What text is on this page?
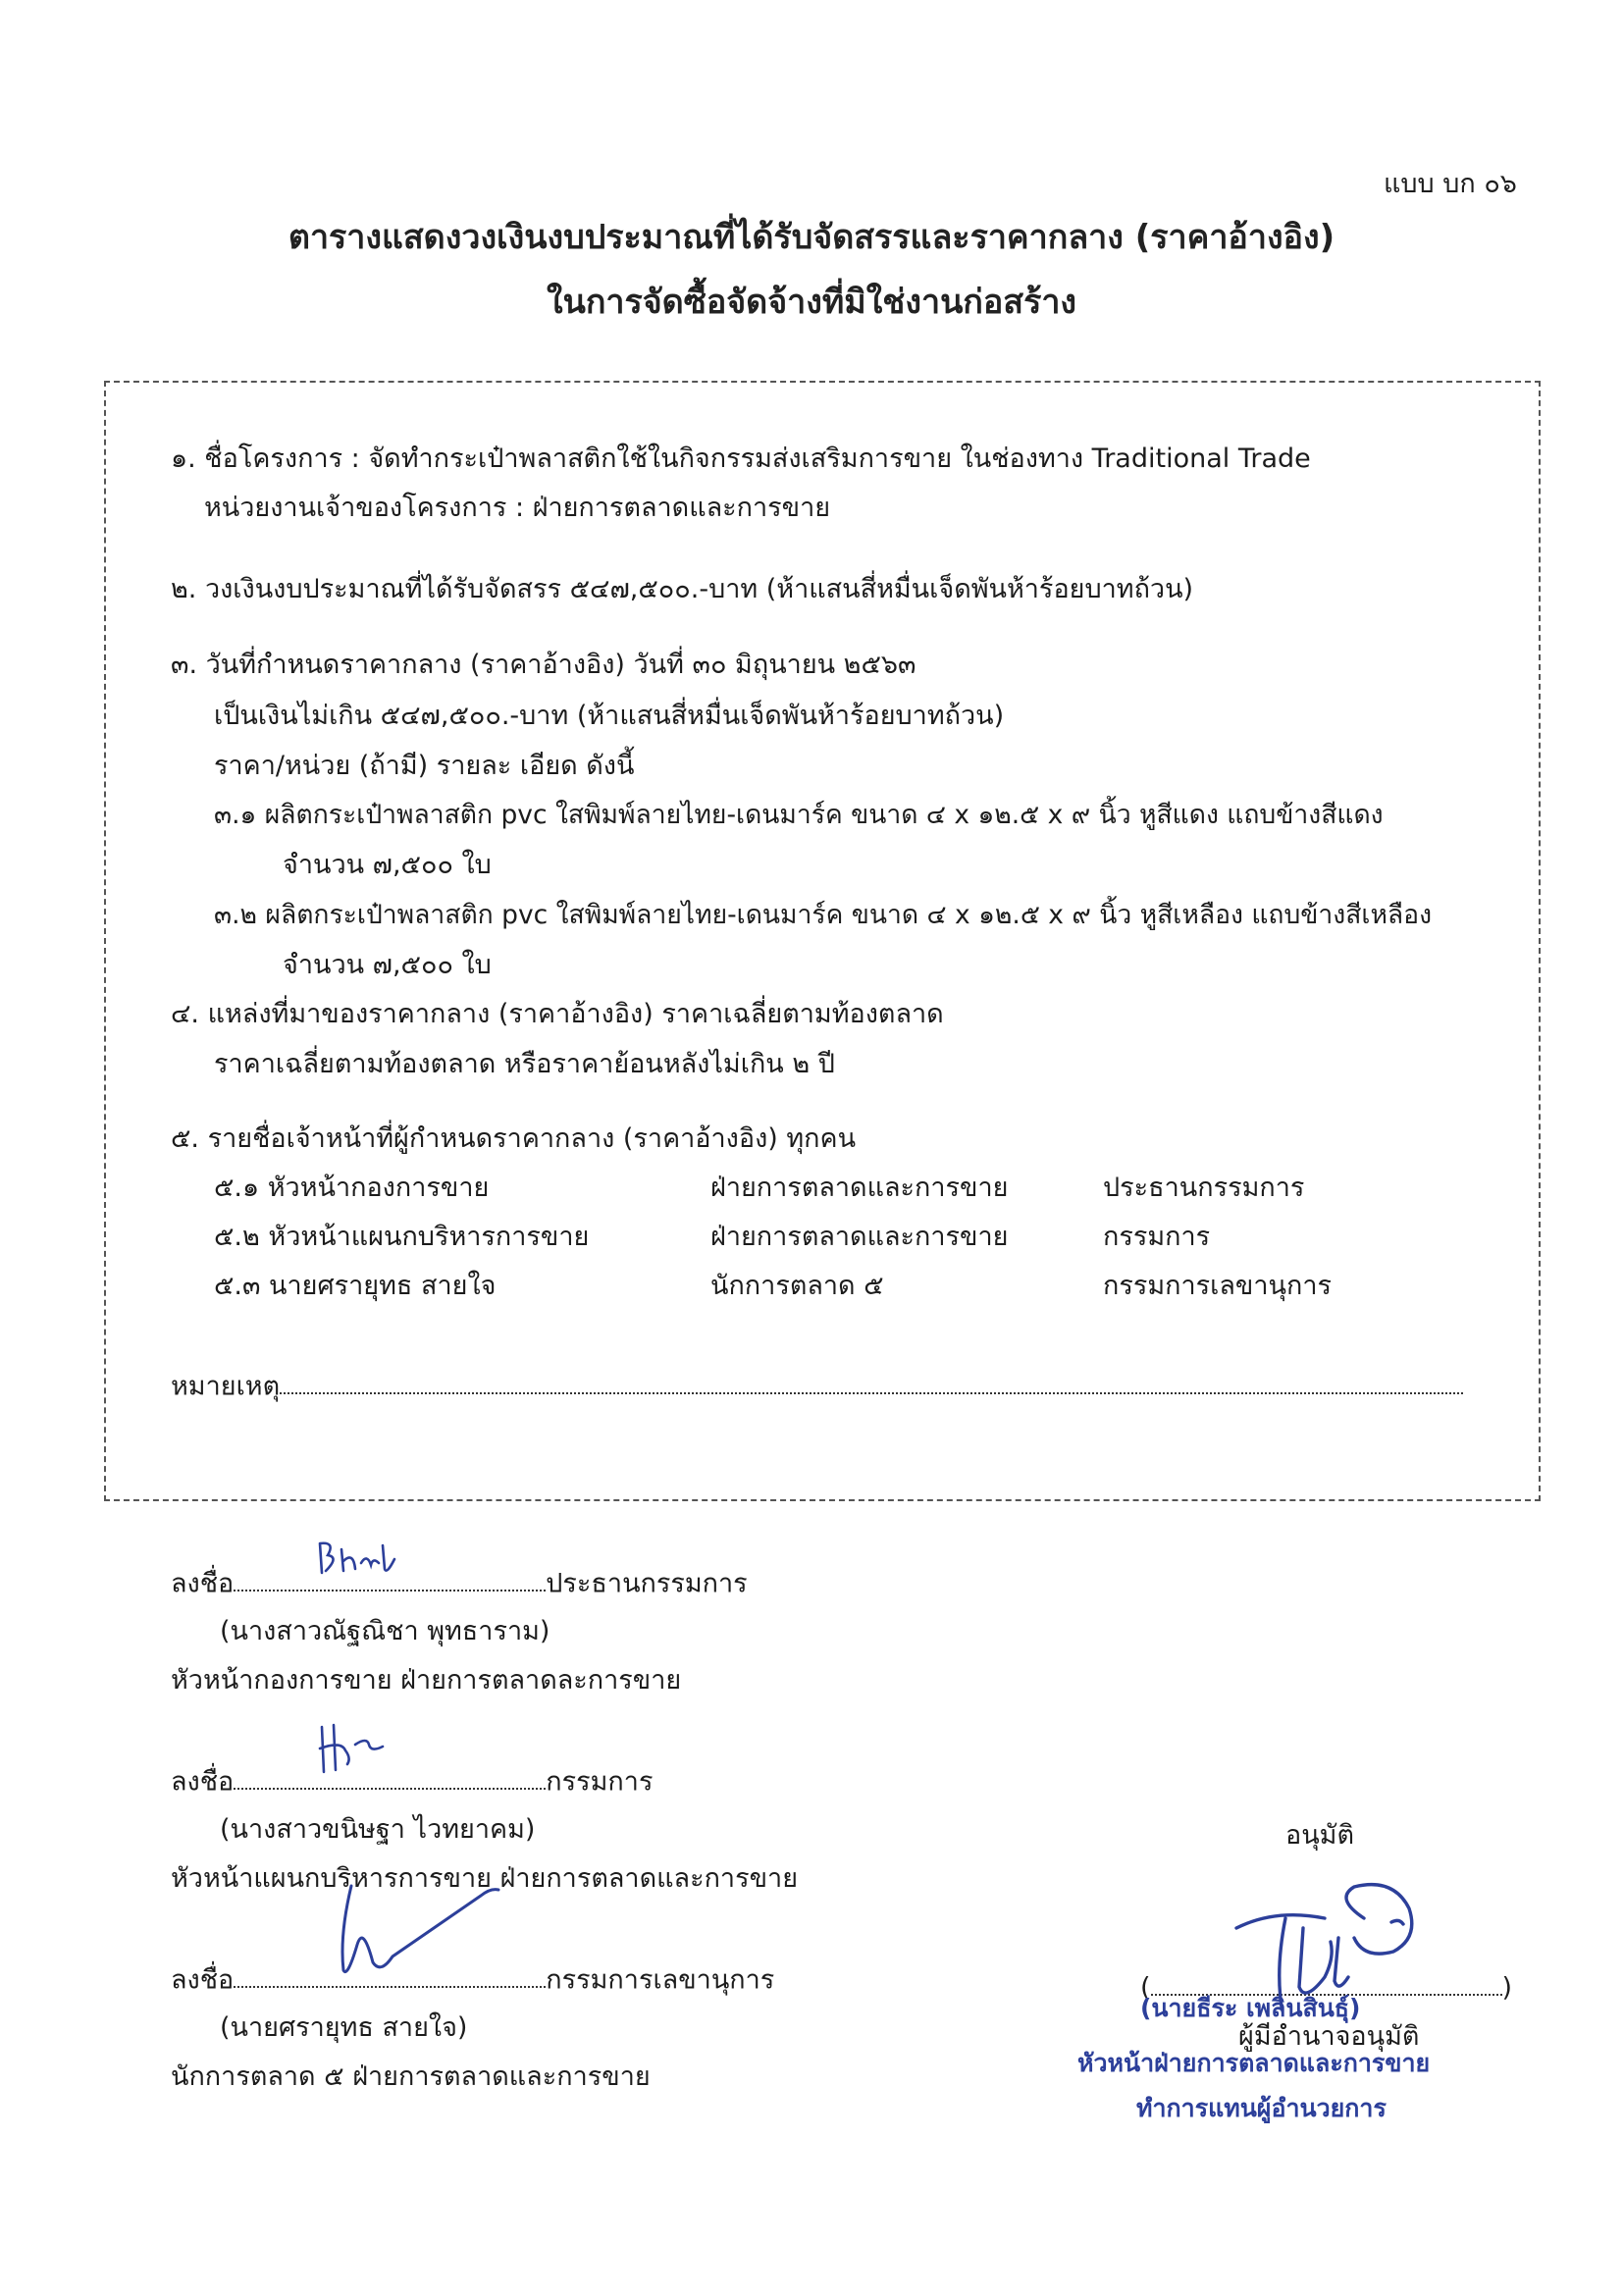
แบบ บก ๐๖
ตารางแสดงวงเงินงบประมาณที่ได้รับจัดสรรและราคากลาง (ราคาอ้างอิง)
ในการจัดซื้อจัดจ้างที่มิใช่งานก่อสร้าง
๑. ชื่อโครงการ : จัดทำกระเป๋าพลาสติกใช้ในกิจกรรมส่งเสริมการขาย ในช่องทาง Traditional Trade
หน่วยงานเจ้าของโครงการ : ฝ่ายการตลาดและการขาย
๒. วงเงินงบประมาณที่ได้รับจัดสรร ๕๔๗,๕๐๐.-บาท (ห้าแสนสี่หมื่นเจ็ดพันห้าร้อยบาทถ้วน)
๓. วันที่กำหนดราคากลาง (ราคาอ้างอิง) วันที่ ๓๐ มิถุนายน ๒๕๖๓
เป็นเงินไม่เกิน ๕๔๗,๕๐๐.-บาท (ห้าแสนสี่หมื่นเจ็ดพันห้าร้อยบาทถ้วน)
ราคา/หน่วย (ถ้ามี) รายละ เอียด ดังนี้
๓.๑ ผลิตกระเป๋าพลาสติก pvc ใสพิมพ์ลายไทย-เดนมาร์ค ขนาด ๔ x ๑๒.๕ x ๙ นิ้ว หูสีแดง แถบข้างสีแดง
จำนวน ๗,๕๐๐ ใบ
๓.๒ ผลิตกระเป๋าพลาสติก pvc ใสพิมพ์ลายไทย-เดนมาร์ค ขนาด ๔ x ๑๒.๕ x ๙ นิ้ว หูสีเหลือง แถบข้างสีเหลือง
จำนวน ๗,๕๐๐ ใบ
๔. แหล่งที่มาของราคากลาง (ราคาอ้างอิง) ราคาเฉลี่ยตามท้องตลาด
ราคาเฉลี่ยตามท้องตลาด หรือราคาย้อนหลังไม่เกิน ๒ ปี
๕. รายชื่อเจ้าหน้าที่ผู้กำหนดราคากลาง (ราคาอ้างอิง) ทุกคน
๕.๑ หัวหน้ากองการขาย	ฝ่ายการตลาดและการขาย	ประธานกรรมการ
๕.๒ หัวหน้าแผนกบริหารการขาย	ฝ่ายการตลาดและการขาย	กรรมการ
๕.๓ นายศรายุทธ สายใจ	นักการตลาด ๕	กรรมการเลขานุการ
หมายเหตุ
ลงชื่อ	ประธานกรรมการ
(นางสาวณัฐณิชา พุทธาราม)
หัวหน้ากองการขาย ฝ่ายการตลาดละการขาย
ลงชื่อ	กรรมการ
(นางสาวขนิษฐา ไวทยาคม)
หัวหน้าแผนกบริหารการขาย ฝ่ายการตลาดและการขาย
ลงชื่อ	กรรมการเลขานุการ
(นายศรายุทธ สายใจ)
นักการตลาด ๕ ฝ่ายการตลาดและการขาย
อนุมัติ
(	)
(นายธีระ เพลินสินธุ์)
ผู้มีอำนาจอนุมัติ
หัวหน้าฝ่ายการตลาดและการขาย
ทำการแทนผู้อำนวยการ
